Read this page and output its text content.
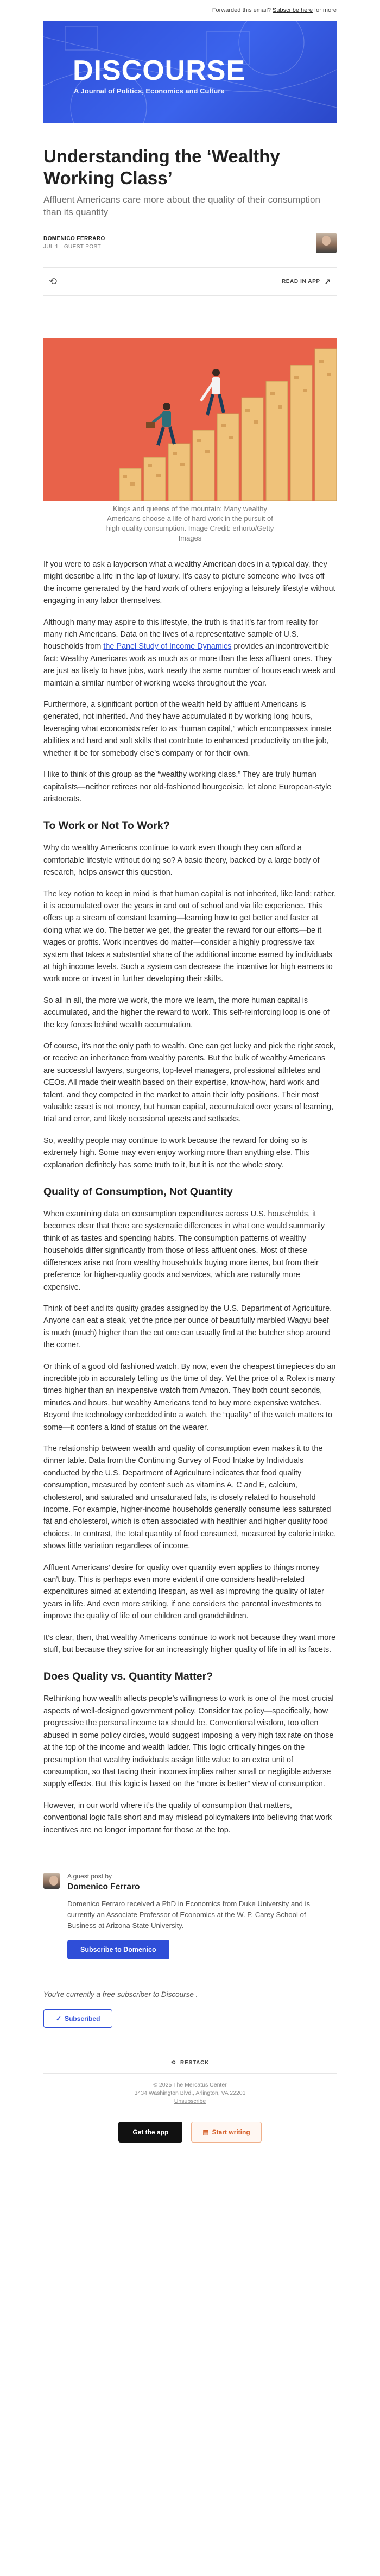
Forwarded this email? Subscribe here for more
DISCOURSE
A Journal of Politics, Economics and Culture
Understanding the ‘Wealthy Working Class’
Affluent Americans care more about the quality of their consumption than its quantity
DOMENICO FERRARO
JUL 1 · GUEST POST
⟲	READ IN APP ↗
Kings and queens of the mountain: Many wealthy Americans choose a life of hard work in the pursuit of high-quality consumption. Image Credit: erhorto/Getty Images

If you were to ask a layperson what a wealthy American does in a typical day, they might describe a life in the lap of luxury. It’s easy to picture someone who lives off the income generated by the hard work of others enjoying a leisurely lifestyle without engaging in any labor themselves.

Although many may aspire to this lifestyle, the truth is that it’s far from reality for many rich Americans. Data on the lives of a representative sample of U.S. households from the Panel Study of Income Dynamics provides an incontrovertible fact: Wealthy Americans work as much as or more than the less affluent ones. They are just as likely to have jobs, work nearly the same number of hours each week and maintain a similar number of working weeks throughout the year.

Furthermore, a significant portion of the wealth held by affluent Americans is generated, not inherited. And they have accumulated it by working long hours, leveraging what economists refer to as “human capital,” which encompasses innate abilities and hard and soft skills that contribute to enhanced productivity on the job, whether it be for somebody else’s company or for their own.

I like to think of this group as the “wealthy working class.” They are truly human capitalists—neither retirees nor old-fashioned bourgeoisie, let alone European-style aristocrats.

To Work or Not To Work?

Why do wealthy Americans continue to work even though they can afford a comfortable lifestyle without doing so? A basic theory, backed by a large body of research, helps answer this question.

The key notion to keep in mind is that human capital is not inherited, like land; rather, it is accumulated over the years in and out of school and via life experience. This offers up a stream of constant learning—learning how to get better and faster at doing what we do. The better we get, the greater the reward for our efforts—be it wages or profits. Work incentives do matter—consider a highly progressive tax system that takes a substantial share of the additional income earned by individuals at high income levels. Such a system can decrease the incentive for high earners to work more or invest in further developing their skills.

So all in all, the more we work, the more we learn, the more human capital is accumulated, and the higher the reward to work. This self-reinforcing loop is one of the key forces behind wealth accumulation.

Of course, it’s not the only path to wealth. One can get lucky and pick the right stock, or receive an inheritance from wealthy parents. But the bulk of wealthy Americans are successful lawyers, surgeons, top-level managers, professional athletes and CEOs. All made their wealth based on their expertise, know-how, hard work and talent, and they competed in the market to attain their lofty positions. Their most valuable asset is not money, but human capital, accumulated over years of learning, trial and error, and likely occasional upsets and setbacks.

So, wealthy people may continue to work because the reward for doing so is extremely high. Some may even enjoy working more than anything else. This explanation definitely has some truth to it, but it is not the whole story.

Quality of Consumption, Not Quantity

When examining data on consumption expenditures across U.S. households, it becomes clear that there are systematic differences in what one would summarily think of as tastes and spending habits. The consumption patterns of wealthy households differ significantly from those of less affluent ones. Most of these differences arise not from wealthy households buying more items, but from their preference for higher-quality goods and services, which are naturally more expensive.

Think of beef and its quality grades assigned by the U.S. Department of Agriculture. Anyone can eat a steak, yet the price per ounce of beautifully marbled Wagyu beef is much (much) higher than the cut one can usually find at the butcher shop around the corner.

Or think of a good old fashioned watch. By now, even the cheapest timepieces do an incredible job in accurately telling us the time of day. Yet the price of a Rolex is many times higher than an inexpensive watch from Amazon. They both count seconds, minutes and hours, but wealthy Americans tend to buy more expensive watches. Beyond the technology embedded into a watch, the “quality” of the watch matters to some—it confers a kind of status on the wearer.

The relationship between wealth and quality of consumption even makes it to the dinner table. Data from the Continuing Survey of Food Intake by Individuals conducted by the U.S. Department of Agriculture indicates that food quality consumption, measured by content such as vitamins A, C and E, calcium, cholesterol, and saturated and unsaturated fats, is closely related to household income. For example, higher-income households generally consume less saturated fat and cholesterol, which is often associated with healthier and higher quality food choices. In contrast, the total quantity of food consumed, measured by caloric intake, shows little variation regardless of income.

Affluent Americans’ desire for quality over quantity even applies to things money can’t buy. This is perhaps even more evident if one considers health-related expenditures aimed at extending lifespan, as well as improving the quality of later years in life. And even more striking, if one considers the parental investments to improve the quality of life of our children and grandchildren.

It’s clear, then, that wealthy Americans continue to work not because they want more stuff, but because they strive for an increasingly higher quality of life in all its facets.

Does Quality vs. Quantity Matter?

Rethinking how wealth affects people’s willingness to work is one of the most crucial aspects of well-designed government policy. Consider tax policy—specifically, how progressive the personal income tax should be. Conventional wisdom, too often abused in some policy circles, would suggest imposing a very high tax rate on those at the top of the income and wealth ladder. This logic critically hinges on the presumption that wealthy individuals assign little value to an extra unit of consumption, so that taxing their incomes implies rather small or negligible adverse supply effects. But this logic is based on the “more is better” view of consumption.

However, in our world where it’s the quality of consumption that matters, conventional logic falls short and may mislead policymakers into believing that work incentives are no longer important for those at the top.

A guest post by
Domenico Ferraro
Domenico Ferraro received a PhD in Economics from Duke University and is currently an Associate Professor of Economics at the W. P. Carey School of Business at Arizona State University.
Subscribe to Domenico
You’re currently a free subscriber to Discourse .
✓ Subscribed
⟲ RESTACK
© 2025 The Mercatus Center
3434 Washington Blvd., Arlington, VA 22201
Unsubscribe
Get the app	▤ Start writing
